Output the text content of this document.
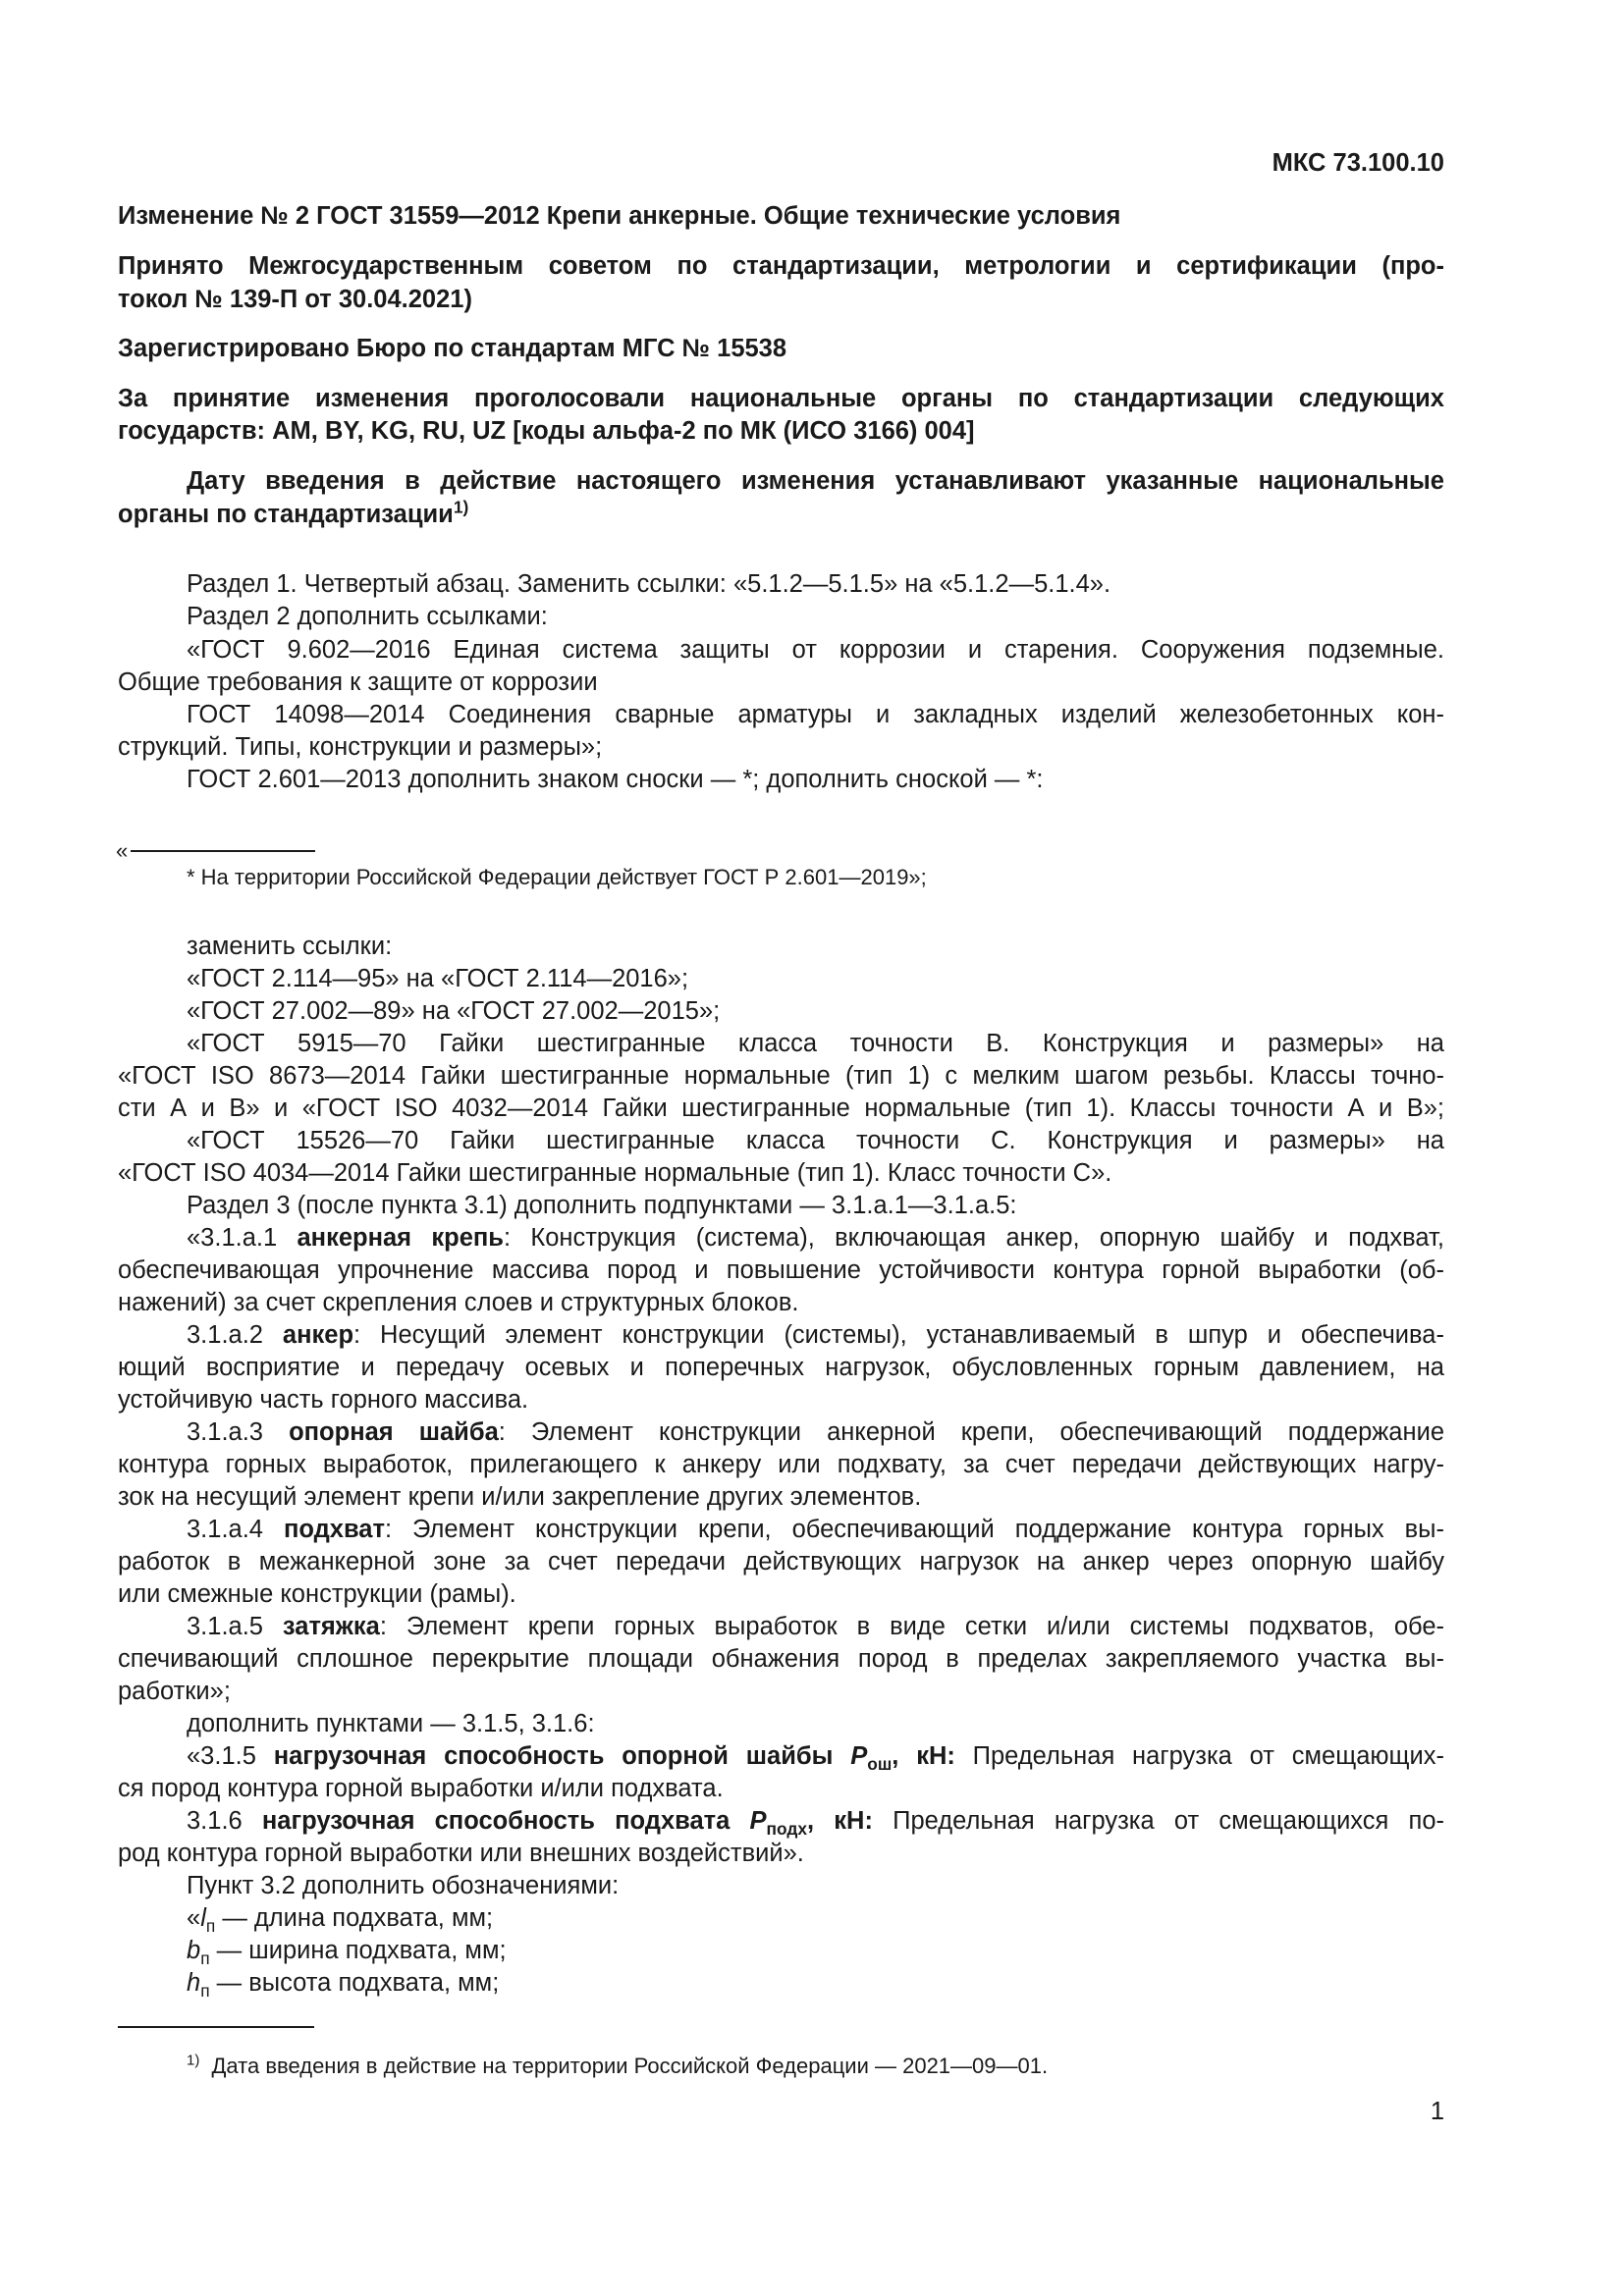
МКС 73.100.10
Изменение № 2 ГОСТ 31559—2012 Крепи анкерные. Общие технические условия
Принято Межгосударственным советом по стандартизации, метрологии и сертификации (про-
токол № 139-П от 30.04.2021)
Зарегистрировано Бюро по стандартам МГС № 15538
За принятие изменения проголосовали национальные органы по стандартизации следующих
государств: AM, BY, KG, RU, UZ [коды альфа-2 по МК (ИСО 3166) 004]
Дату введения в действие настоящего изменения устанавливают указанные национальные
органы по стандартизации$^{1)}$
Раздел 1. Четвертый абзац. Заменить ссылки: «5.1.2—5.1.5» на «5.1.2—5.1.4».
Раздел 2 дополнить ссылками:
«ГОСТ 9.602—2016 Единая система защиты от коррозии и старения. Сооружения подземные.
Общие требования к защите от коррозии
ГОСТ 14098—2014 Соединения сварные арматуры и закладных изделий железобетонных кон-
струкций. Типы, конструкции и размеры»;
ГОСТ 2.601—2013 дополнить знаком сноски — *; дополнить сноской — *:
«
* На территории Российской Федерации действует ГОСТ Р 2.601—2019»;
заменить ссылки:
«ГОСТ 2.114—95» на «ГОСТ 2.114—2016»;
«ГОСТ 27.002—89» на «ГОСТ 27.002—2015»;
«ГОСТ 5915—70 Гайки шестигранные класса точности В. Конструкция и размеры» на
«ГОСТ ISO 8673—2014 Гайки шестигранные нормальные (тип 1) с мелким шагом резьбы. Классы точно-
сти А и В» и «ГОСТ ISO 4032—2014 Гайки шестигранные нормальные (тип 1). Классы точности А и В»;
«ГОСТ 15526—70 Гайки шестигранные класса точности С. Конструкция и размеры» на
«ГОСТ ISO 4034—2014 Гайки шестигранные нормальные (тип 1). Класс точности С».
Раздел 3 (после пункта 3.1) дополнить подпунктами — 3.1.а.1—3.1.а.5:
«3.1.а.1 анкерная крепь: Конструкция (система), включающая анкер, опорную шайбу и подхват,
обеспечивающая упрочнение массива пород и повышение устойчивости контура горной выработки (об-
нажений) за счет скрепления слоев и структурных блоков.
3.1.а.2 анкер: Несущий элемент конструкции (системы), устанавливаемый в шпур и обеспечива-
ющий восприятие и передачу осевых и поперечных нагрузок, обусловленных горным давлением, на
устойчивую часть горного массива.
3.1.а.3 опорная шайба: Элемент конструкции анкерной крепи, обеспечивающий поддержание
контура горных выработок, прилегающего к анкеру или подхвату, за счет передачи действующих нагру-
зок на несущий элемент крепи и/или закрепление других элементов.
3.1.а.4 подхват: Элемент конструкции крепи, обеспечивающий поддержание контура горных вы-
работок в межанкерной зоне за счет передачи действующих нагрузок на анкер через опорную шайбу
или смежные конструкции (рамы).
3.1.а.5 затяжка: Элемент крепи горных выработок в виде сетки и/или системы подхватов, обе-
спечивающий сплошное перекрытие площади обнажения пород в пределах закрепляемого участка вы-
работки»;
дополнить пунктами — 3.1.5, 3.1.6:
«3.1.5 нагрузочная способность опорной шайбы $P_{ош}$, кН: Предельная нагрузка от смещающих-
ся пород контура горной выработки и/или подхвата.
3.1.6 нагрузочная способность подхвата $P_{подх}$, кН: Предельная нагрузка от смещающихся по-
род контура горной выработки или внешних воздействий».
Пункт 3.2 дополнить обозначениями:
«$l_п$ — длина подхвата, мм;
$b_п$ — ширина подхвата, мм;
$h_п$ — высота подхвата, мм;
$^{1)}$ Дата введения в действие на территории Российской Федерации — 2021—09—01.
1
